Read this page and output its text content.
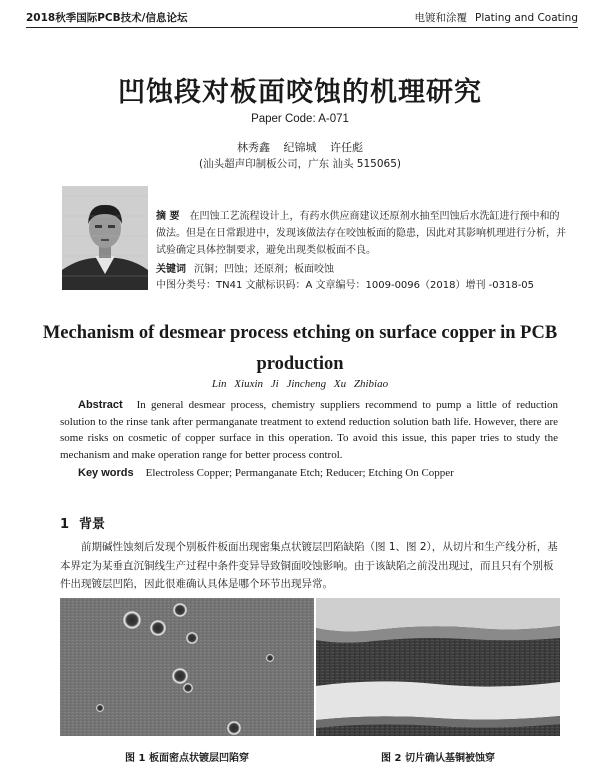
2018秋季国际PCB技术/信息论坛	电镀和涂覆 Plating and Coating
凹蚀段对板面咬蚀的机理研究
Paper Code: A-071
林秀鑫 纪锦城 许任彪
(汕头超声印制板公司，广东 汕头 515065)
摘 要 在凹蚀工艺流程设计上，有药水供应商建议还原剂水抽至凹蚀后水洗缸进行预中和的做法。但是在日常跟进中，发现该做法存在咬蚀板面的隐患，因此对其影响机理进行分析，并试验确定具体控制要求，避免出现类似板面不良。
关键词 沉铜；凹蚀；还原剂；板面咬蚀
中图分类号：TN41 文献标识码：A 文章编号：1009-0096（2018）增刊 -0318-05
Mechanism of desmear process etching on surface copper in PCB production
Lin Xiuxin Ji Jincheng Xu Zhibiao
Abstract In general desmear process, chemistry suppliers recommend to pump a little of reduction solution to the rinse tank after permanganate treatment to extend reduction solution bath life. However, there are some risks on cosmetic of copper surface in this operation. To avoid this issue, this paper tries to study the mechanism and make operation range for better process control.
Key words Electroless Copper; Permanganate Etch; Reducer; Etching On Copper
1 背景
前期碱性蚀刻后发现个别板件板面出现密集点状镀层凹陷缺陷（图 1、图 2），从切片和生产线分析，基本界定为某垂直沉铜线生产过程中条件变异导致铜面咬蚀影响。由于该缺陷之前没出现过，而且只有个别板件出现镀层凹陷，因此很难确认具体是哪个环节出现异常。
图 1 板面密点状镀层凹陷穿	图 2 切片确认基铜被蚀穿
